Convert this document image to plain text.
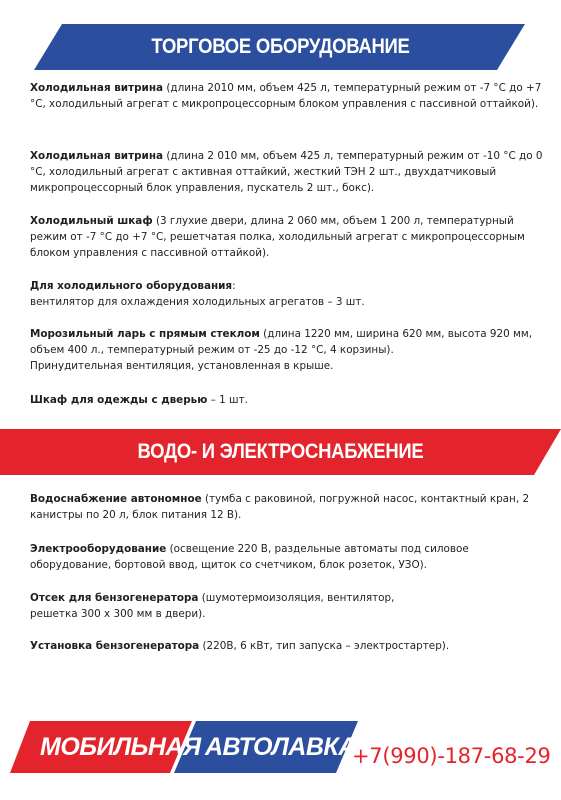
ТОРГОВОЕ ОБОРУДОВАНИЕ

Холодильная витрина (длина 2010 мм, объем 425 л, температурный режим от -7 °С до +7 °С, холодильный агрегат с микропроцессорным блоком управления с пассивной оттайкой).

Холодильная витрина (длина 2 010 мм, объем 425 л, температурный режим от -10 °С до 0 °С, холодильный агрегат с активная оттайкий, жесткий ТЭН 2 шт., двухдатчиковый микропроцессорный блок управления, пускатель 2 шт., бокс).

Холодильный шкаф (3 глухие двери, длина 2 060 мм, объем 1 200 л, температурный режим от -7 °С до +7 °С, решетчатая полка, холодильный агрегат с микропроцессорным блоком управления с пассивной оттайкой).

Для холодильного оборудования:

вентилятор для охлаждения холодильных агрегатов – 3 шт.

Морозильный ларь с прямым стеклом (длина 1220 мм, ширина 620 мм, высота 920 мм, объем 400 л., температурный режим от -25 до -12 °С, 4 корзины).

Принудительная вентиляция, установленная в крыше.

Шкаф для одежды с дверью – 1 шт.

ВОДО- И ЭЛЕКТРОСНАБЖЕНИЕ

Водоснабжение автономное (тумба с раковиной, погружной насос, контактный кран, 2 канистры по 20 л, блок питания 12 В).

Электрооборудование (освещение 220 В, раздельные автоматы под силовое оборудование, бортовой ввод, щиток со счетчиком, блок розеток, УЗО).

Отсек для бензогенератора (шумотермоизоляция, вентилятор,

решетка 300 х 300 мм в двери).

Установка бензогенератора (220В, 6 кВт, тип запуска – электростартер).

МОБИЛЬНАЯ АВТОЛАВКА
+7(990)-187-68-29
